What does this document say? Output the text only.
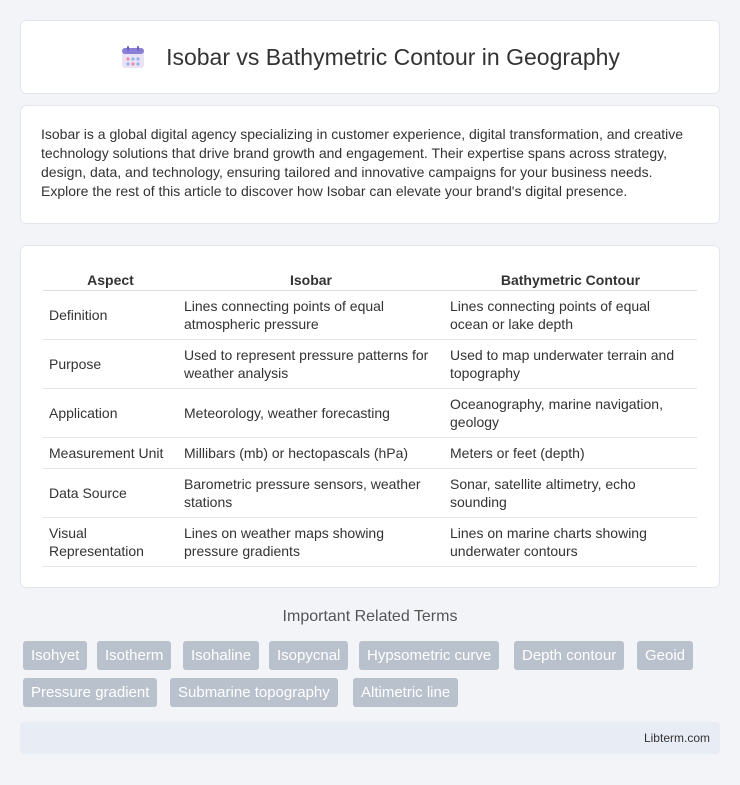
Isobar vs Bathymetric Contour in Geography

Isobar is a global digital agency specializing in customer experience, digital transformation, and creative technology solutions that drive brand growth and engagement. Their expertise spans across strategy, design, data, and technology, ensuring tailored and innovative campaigns for your business needs. Explore the rest of this article to discover how Isobar can elevate your brand's digital presence.

Aspect	Isobar	Bathymetric Contour
Definition	Lines connecting points of equal atmospheric pressure	Lines connecting points of equal ocean or lake depth
Purpose	Used to represent pressure patterns for weather analysis	Used to map underwater terrain and topography
Application	Meteorology, weather forecasting	Oceanography, marine navigation, geology
Measurement Unit	Millibars (mb) or hectopascals (hPa)	Meters or feet (depth)
Data Source	Barometric pressure sensors, weather stations	Sonar, satellite altimetry, echo sounding
Visual Representation	Lines on weather maps showing pressure gradients	Lines on marine charts showing underwater contours
Important Related Terms
Isohyet	Isotherm	Isohaline	Isopycnal	Hypsometric curve	Depth contour	Geoid
Pressure gradient	Submarine topography	Altimetric line
Libterm.com
